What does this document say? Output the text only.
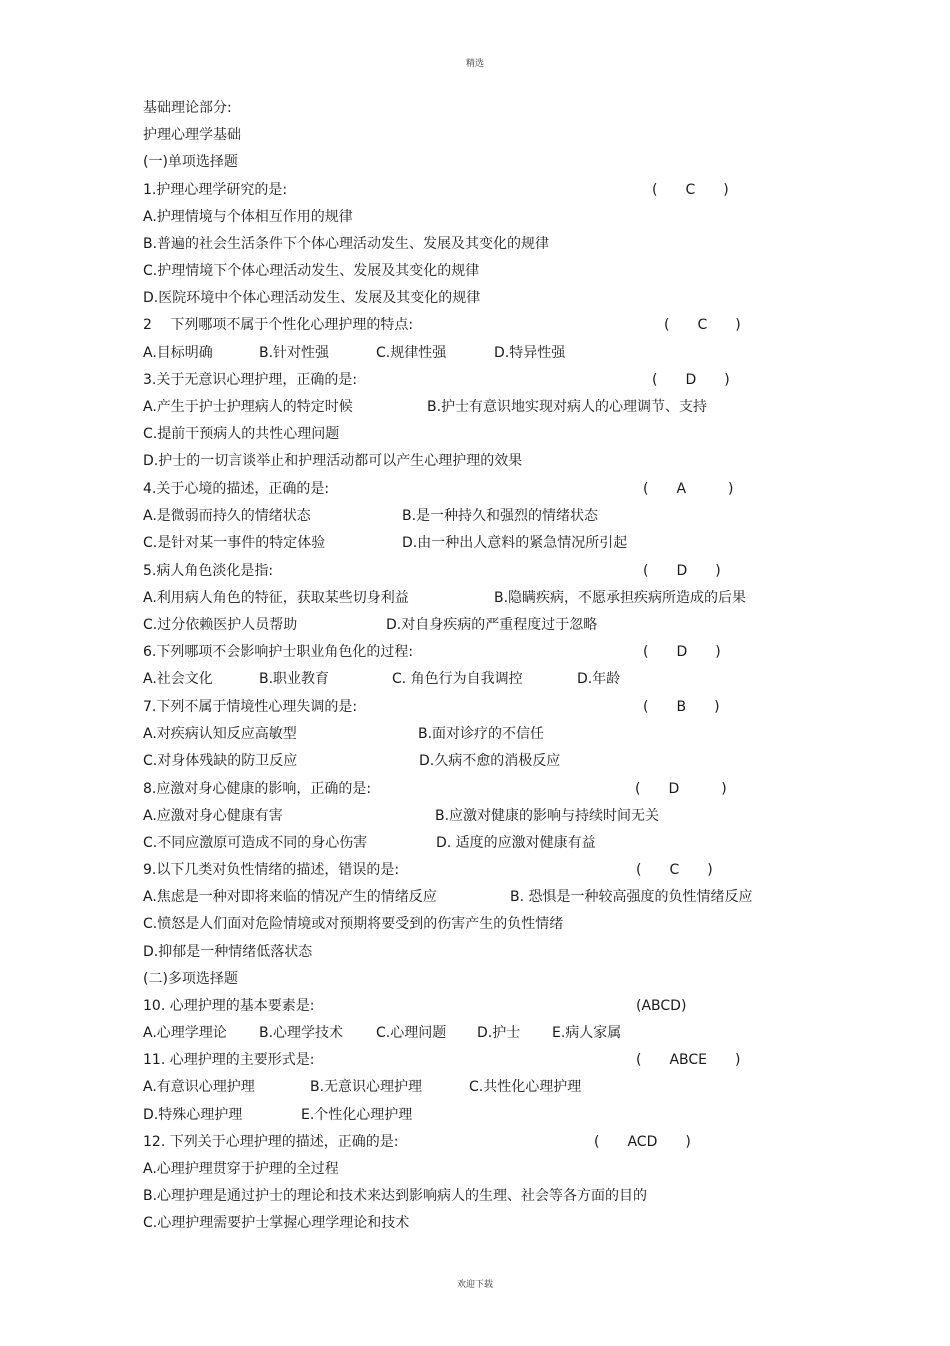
精选
基础理论部分:
护理心理学基础
(一)单项选择题
1.护理心理学研究的是:	(　　C　　)
A.护理情境与个体相互作用的规律
B.普遍的社会生活条件下个体心理活动发生、发展及其变化的规律
C.护理情境下个体心理活动发生、发展及其变化的规律
D.医院环境中个体心理活动发生、发展及其变化的规律
2　 下列哪项不属于个性化心理护理的特点:	(　　C　　)
A.目标明确	B.针对性强	C.规律性强	D.特异性强
3.关于无意识心理护理，正确的是:	(　　D　　)
A.产生于护士护理病人的特定时候	B.护士有意识地实现对病人的心理调节、支持
C.提前干预病人的共性心理问题
D.护士的一切言谈举止和护理活动都可以产生心理护理的效果
4.关于心境的描述，正确的是:	(　　A　　　)
A.是微弱而持久的情绪状态	B.是一种持久和强烈的情绪状态
C.是针对某一事件的特定体验	D.由一种出人意料的紧急情况所引起
5.病人角色淡化是指:	(　　D　　)
A.利用病人角色的特征，获取某些切身利益	B.隐瞒疾病，不愿承担疾病所造成的后果
C.过分依赖医护人员帮助	D.对自身疾病的严重程度过于忽略
6.下列哪项不会影响护士职业角色化的过程:	(　　D　　)
A.社会文化	B.职业教育	C. 角色行为自我调控	D.年龄
7.下列不属于情境性心理失调的是:	(　　B　　)
A.对疾病认知反应高敏型	B.面对诊疗的不信任
C.对身体残缺的防卫反应	D.久病不愈的消极反应
8.应激对身心健康的影响，正确的是:	(　　D　　　)
A.应激对身心健康有害	B.应激对健康的影响与持续时间无关
C.不同应激原可造成不同的身心伤害	D. 适度的应激对健康有益
9.以下几类对负性情绪的描述，错误的是:	(　　C　　)
A.焦虑是一种对即将来临的情况产生的情绪反应	B. 恐惧是一种较高强度的负性情绪反应
C.愤怒是人们面对危险情境或对预期将要受到的伤害产生的负性情绪
D.抑郁是一种情绪低落状态
(二)多项选择题
10. 心理护理的基本要素是:	(ABCD)
A.心理学理论 B.心理学技术 C.心理问题 D.护士 E.病人家属
11. 心理护理的主要形式是:	(　　ABCE　　)
A.有意识心理护理	B.无意识心理护理	C.共性化心理护理
D.特殊心理护理	E.个性化心理护理
12. 下列关于心理护理的描述，正确的是:	(　　ACD　　)
A.心理护理贯穿于护理的全过程
B.心理护理是通过护士的理论和技术来达到影响病人的生理、社会等各方面的目的
C.心理护理需要护士掌握心理学理论和技术
欢迎下载
